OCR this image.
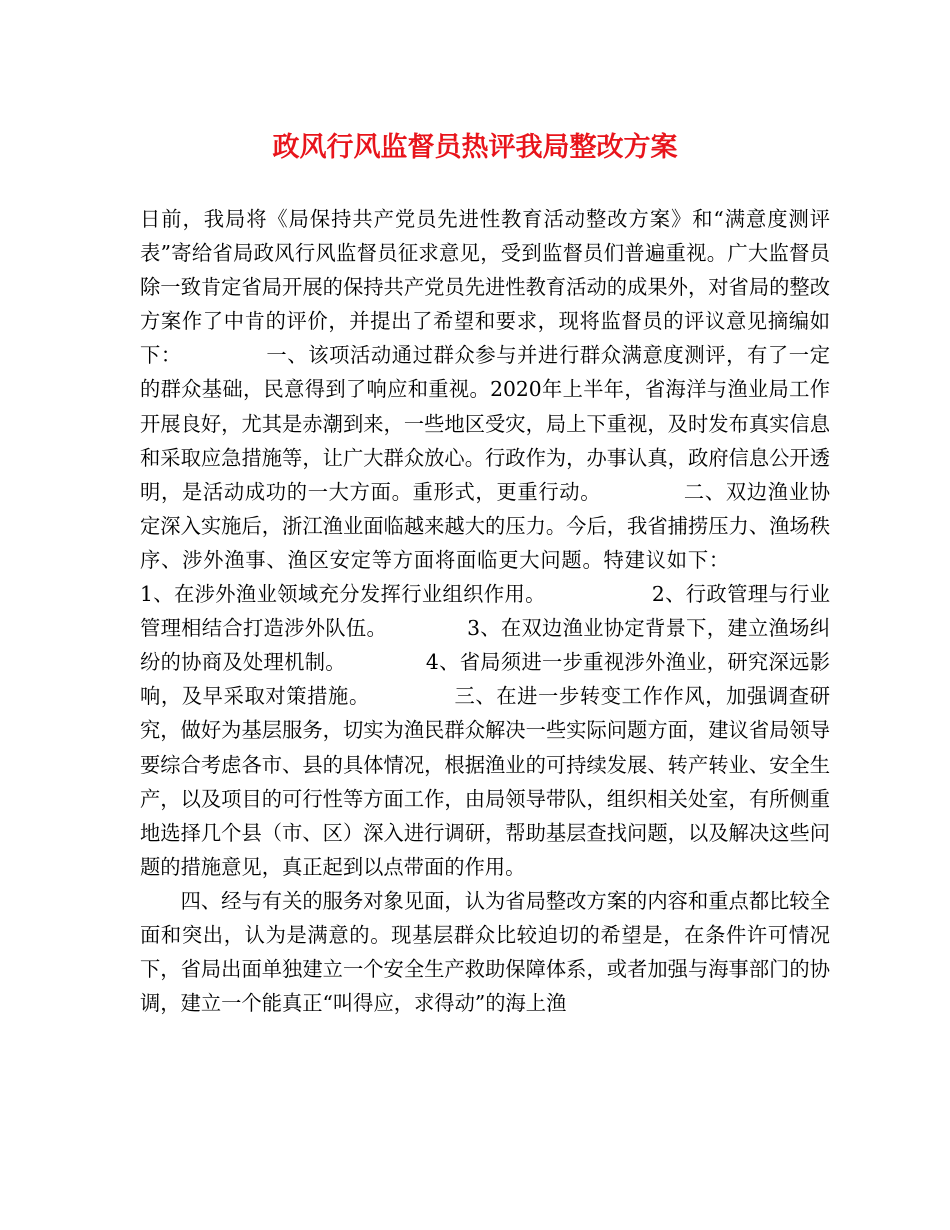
政风行风监督员热评我局整改方案

日前，我局将《局保持共产党员先进性教育活动整改方案》和“满意度测评表”寄给省局政风行风监督员征求意见，受到监督员们普遍重视。广大监督员除一致肯定省局开展的保持共产党员先进性教育活动的成果外，对省局的整改方案作了中肯的评价，并提出了希望和要求，现将监督员的评议意见摘编如下：	一、该项活动通过群众参与并进行群众满意度测评，有了一定的群众基础，民意得到了响应和重视。2020年上半年，省海洋与渔业局工作开展良好，尤其是赤潮到来，一些地区受灾，局上下重视，及时发布真实信息和采取应急措施等，让广大群众放心。行政作为，办事认真，政府信息公开透明，是活动成功的一大方面。重形式，更重行动。	二、双边渔业协定深入实施后，浙江渔业面临越来越大的压力。今后，我省捕捞压力、渔场秩序、涉外渔事、渔区安定等方面将面临更大问题。特建议如下：1、在涉外渔业领域充分发挥行业组织作用。	2、行政管理与行业管理相结合打造涉外队伍。	3、在双边渔业协定背景下，建立渔场纠纷的协商及处理机制。	4、省局须进一步重视涉外渔业，研究深远影响，及早采取对策措施。	三、在进一步转变工作作风，加强调查研究，做好为基层服务，切实为渔民群众解决一些实际问题方面，建议省局领导要综合考虑各市、县的具体情况，根据渔业的可持续发展、转产转业、安全生产，以及项目的可行性等方面工作，由局领导带队，组织相关处室，有所侧重地选择几个县（市、区）深入进行调研，帮助基层查找问题，以及解决这些问题的措施意见，真正起到以点带面的作用。

四、经与有关的服务对象见面，认为省局整改方案的内容和重点都比较全面和突出，认为是满意的。现基层群众比较迫切的希望是，在条件许可情况下，省局出面单独建立一个安全生产救助保障体系，或者加强与海事部门的协调，建立一个能真正“叫得应，求得动”的海上渔
